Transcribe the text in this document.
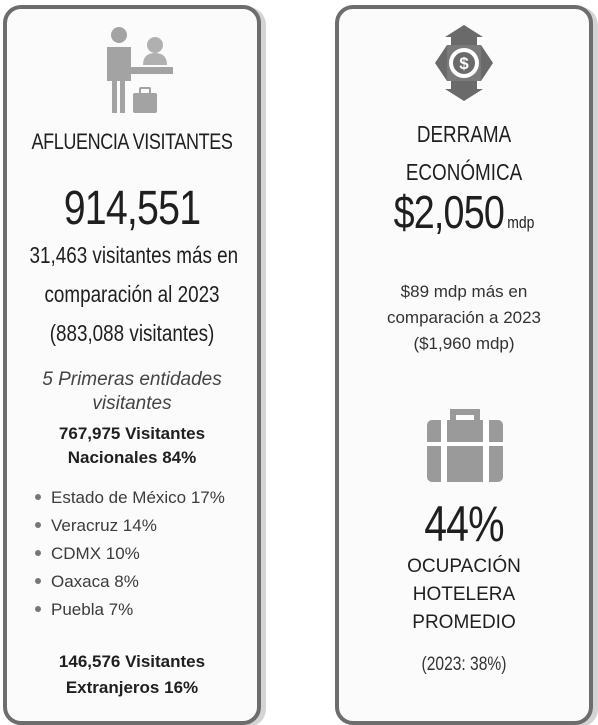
AFLUENCIA VISITANTES
914,551
31,463 visitantes más en
comparación al 2023
(883,088 visitantes)
5 Primeras entidades visitantes
767,975 Visitantes
Nacionales 84%
Estado de México 17%
Veracruz 14%
CDMX 10%
Oaxaca 8%
Puebla 7%
146,576 Visitantes
Extranjeros 16%
$
DERRAMA
ECONÓMICA
$2,050 mdp
$89 mdp más en
comparación a 2023
($1,960 mdp)
44%
OCUPACIÓN
HOTELERA
PROMEDIO
(2023: 38%)
